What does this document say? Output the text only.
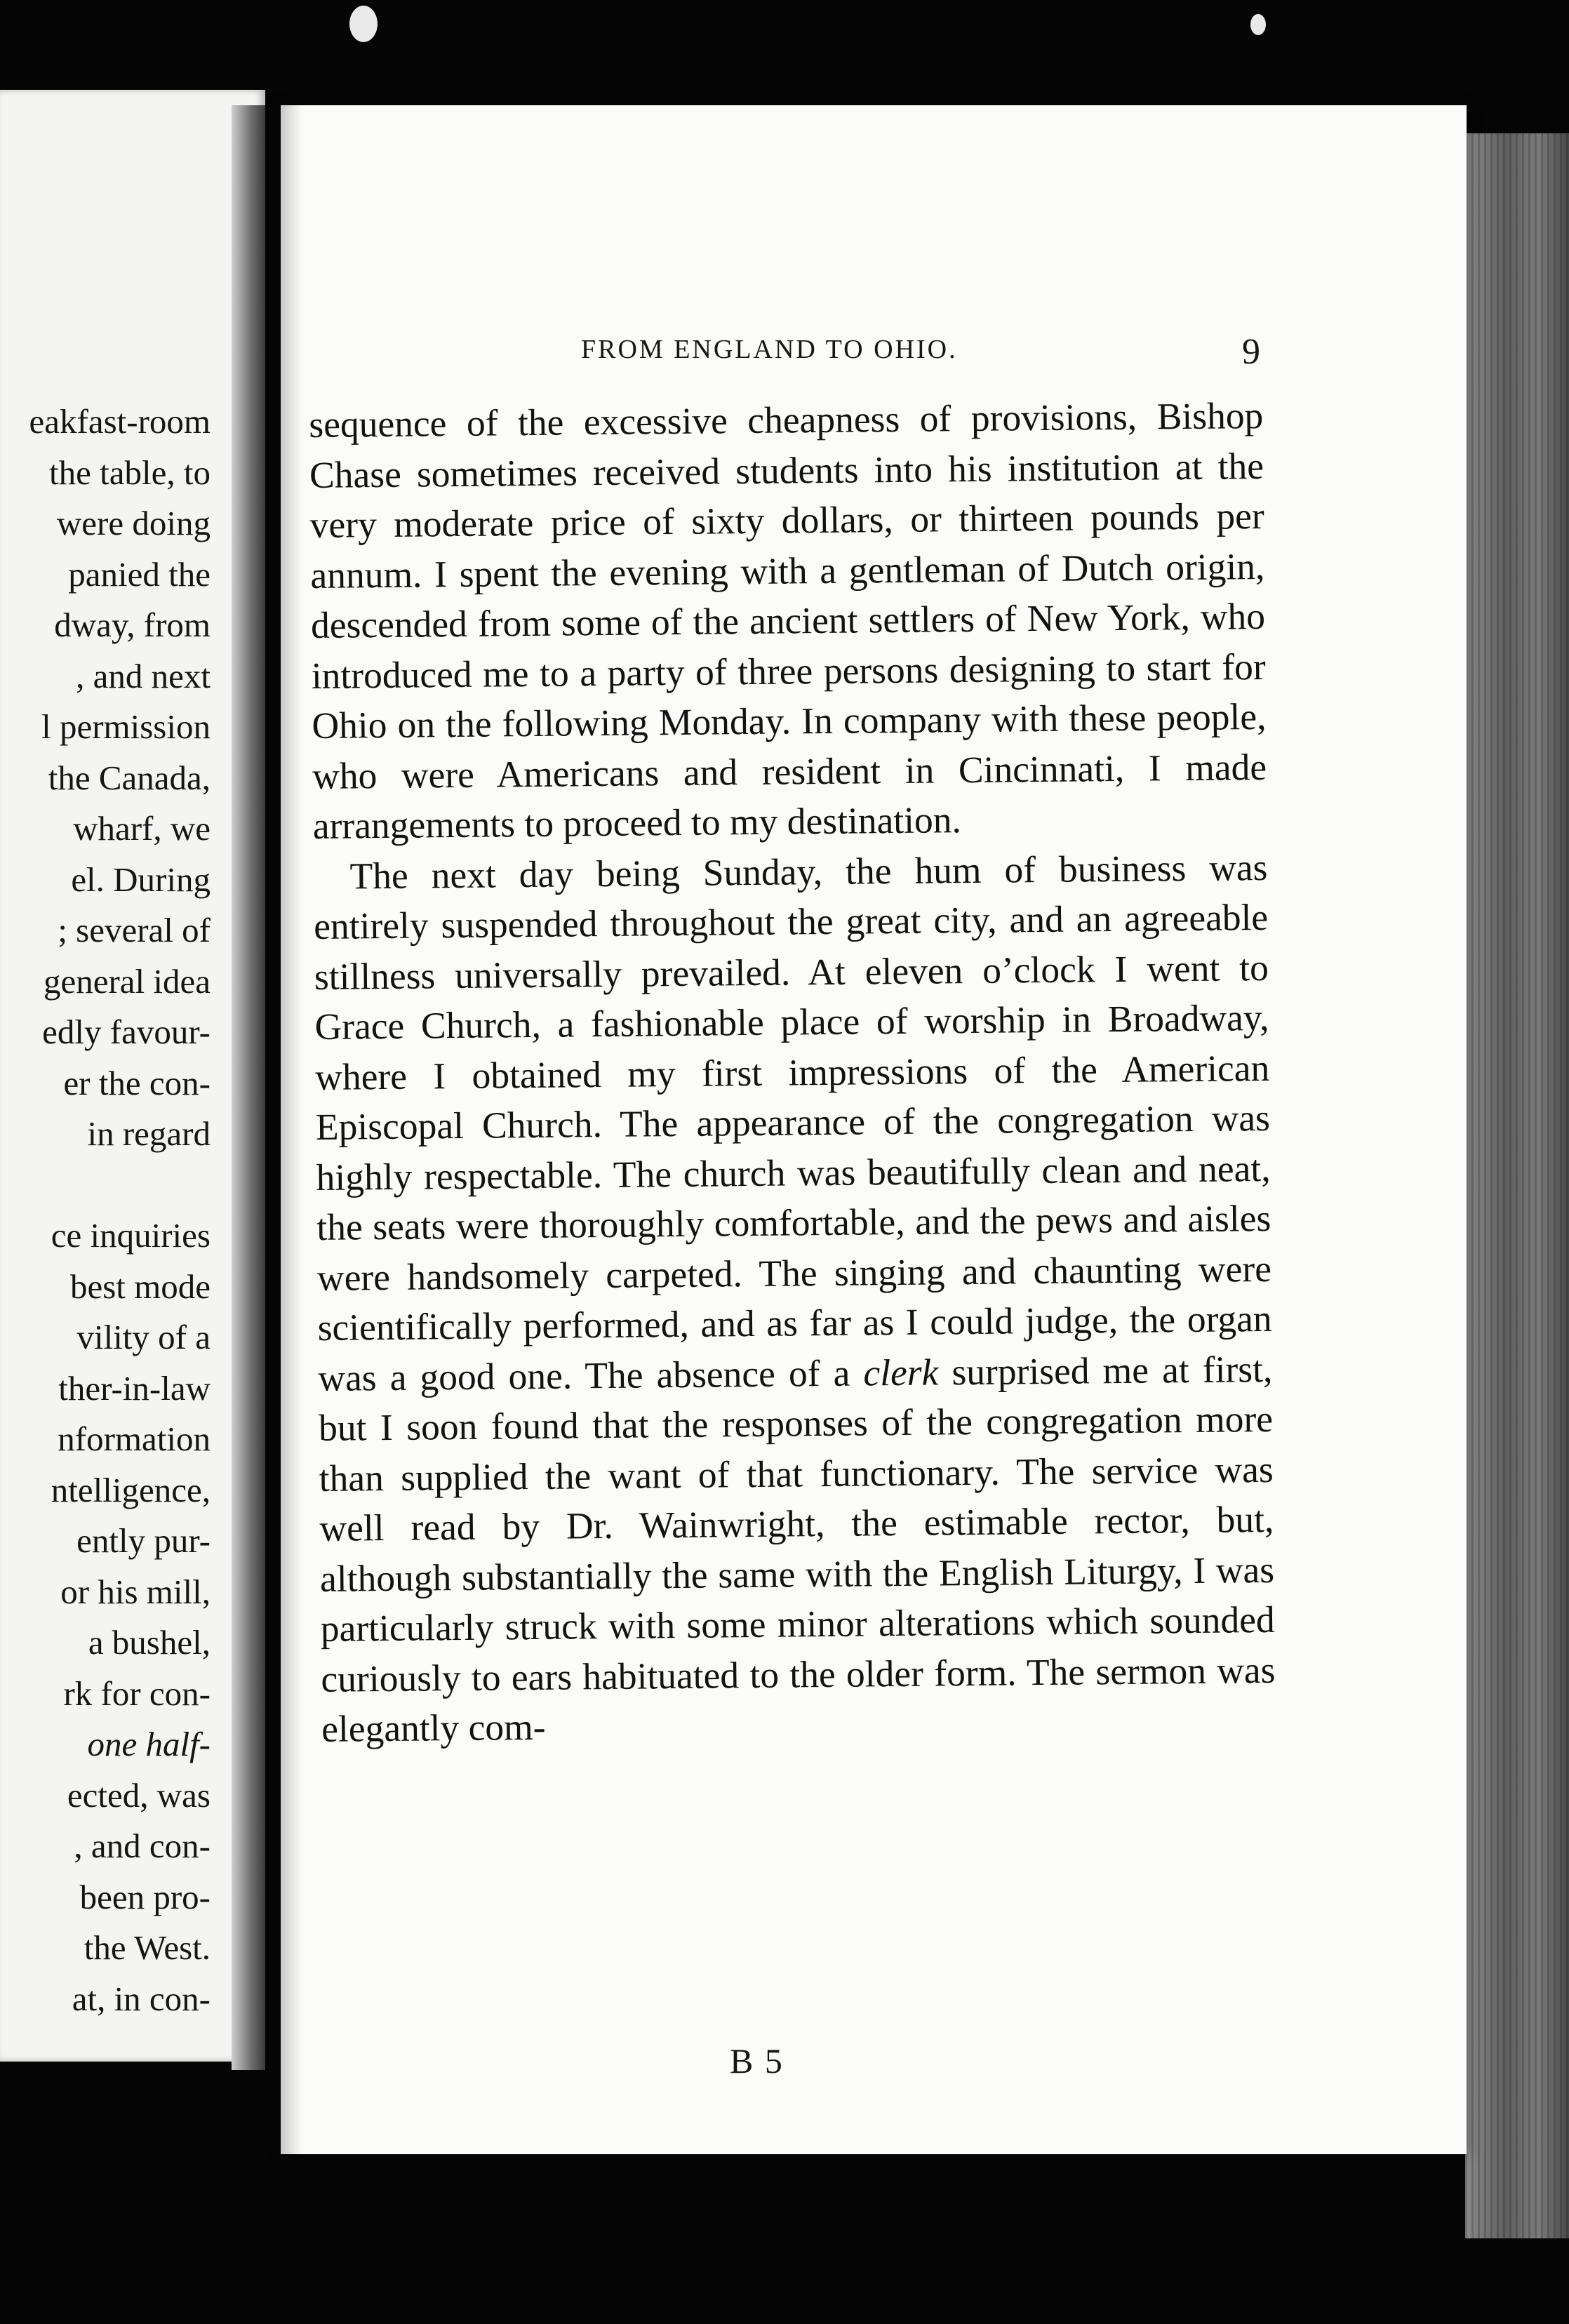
eakfast-room
the table, to
were doing
panied the
dway, from
, and next
l permission
the Canada,
wharf, we
el. During
; several of
general idea
edly favour-
er the con-
in regard
ce inquiries
best mode
vility of a
ther-in-law
nformation
ntelligence,
ently pur-
or his mill,
a bushel,
rk for con-
one half-
ected, was
, and con-
been pro-
the West.
at, in con-
FROM ENGLAND TO OHIO.	9

sequence of the excessive cheapness of provisions, Bishop Chase sometimes received students into his institution at the very moderate price of sixty dollars, or thirteen pounds per annum. I spent the evening with a gentleman of Dutch origin, descended from some of the ancient settlers of New York, who introduced me to a party of three persons designing to start for Ohio on the following Monday. In company with these people, who were Americans and resident in Cincinnati, I made arrangements to proceed to my destination.

The next day being Sunday, the hum of business was entirely suspended throughout the great city, and an agreeable stillness universally prevailed. At eleven o’clock I went to Grace Church, a fashionable place of worship in Broadway, where I obtained my first impressions of the American Episcopal Church. The appearance of the congregation was highly respectable. The church was beautifully clean and neat, the seats were thoroughly comfortable, and the pews and aisles were handsomely carpeted. The singing and chaunting were scientifically performed, and as far as I could judge, the organ was a good one. The absence of a clerk surprised me at first, but I soon found that the responses of the congregation more than supplied the want of that functionary. The service was well read by Dr. Wainwright, the estimable rector, but, although substantially the same with the English Liturgy, I was particularly struck with some minor alterations which sounded curiously to ears habituated to the older form. The sermon was elegantly com-

B 5
